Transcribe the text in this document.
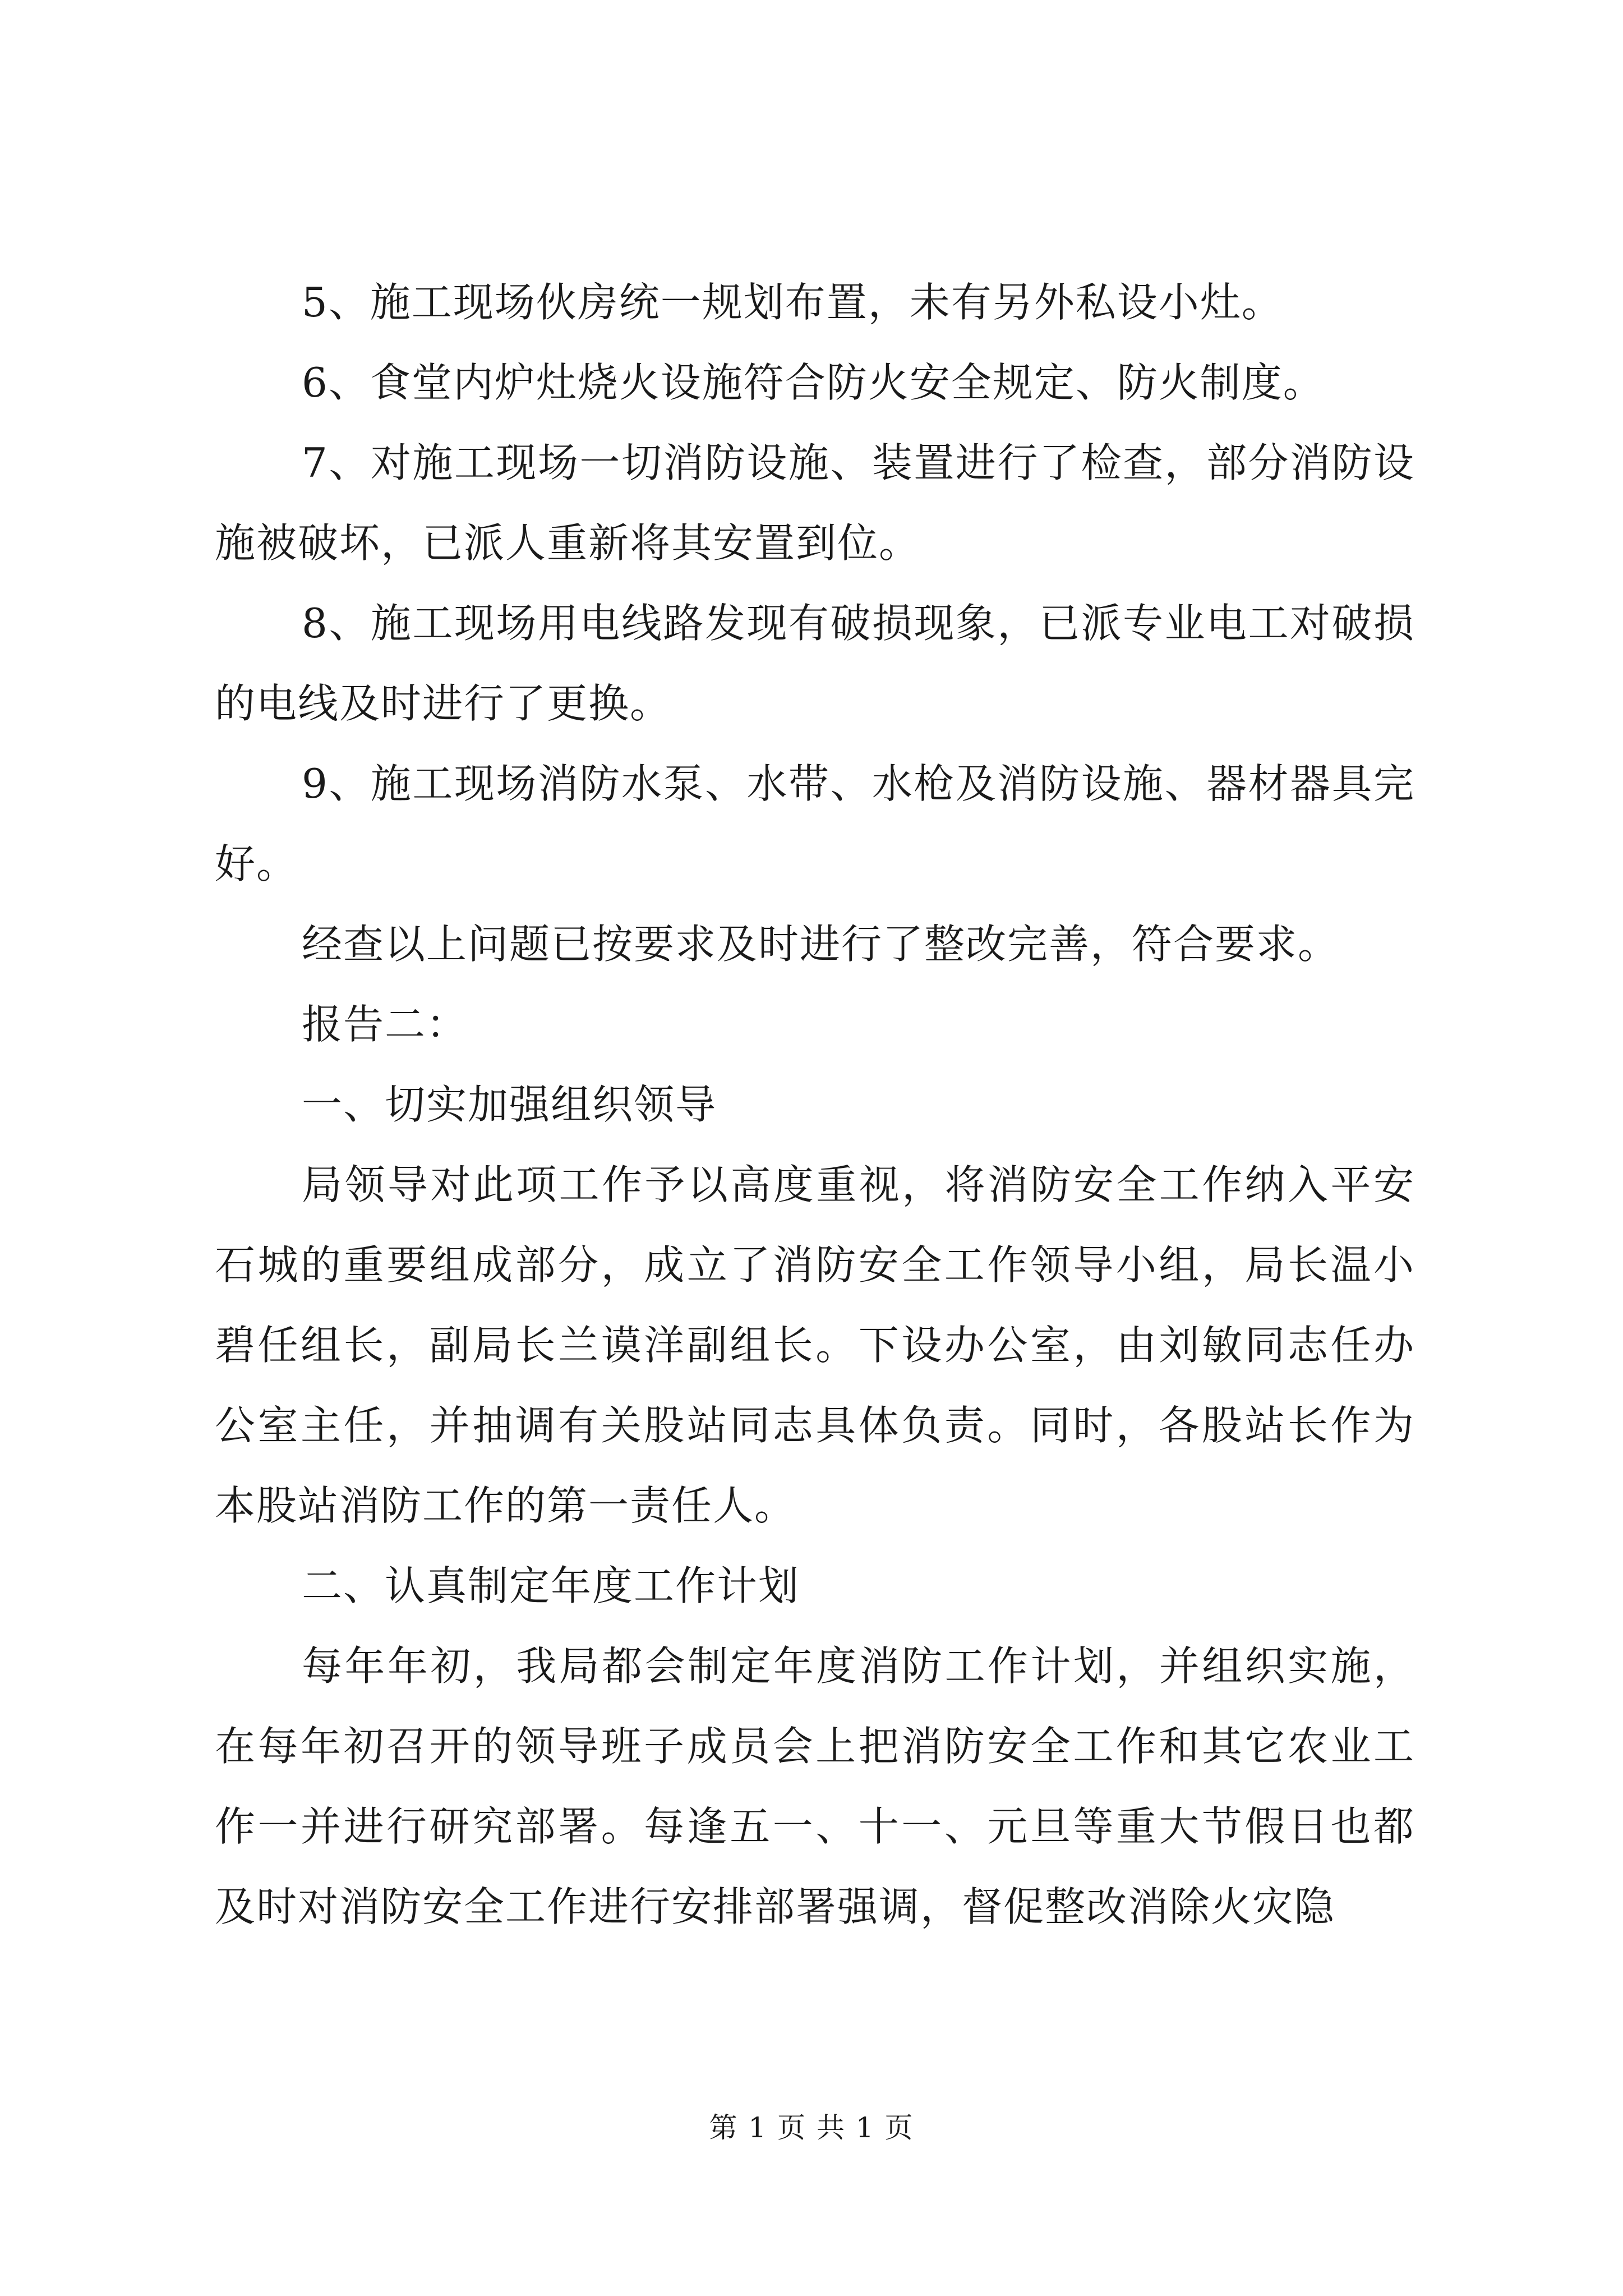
5、施工现场伙房统一规划布置，未有另外私设小灶。

6、食堂内炉灶烧火设施符合防火安全规定、防火制度。

7、对施工现场一切消防设施、装置进行了检查，部分消防设施被破坏，已派人重新将其安置到位。

8、施工现场用电线路发现有破损现象，已派专业电工对破损的电线及时进行了更换。

9、施工现场消防水泵、水带、水枪及消防设施、器材器具完好。

经查以上问题已按要求及时进行了整改完善，符合要求。

报告二：

一、切实加强组织领导

局领导对此项工作予以高度重视，将消防安全工作纳入平安石城的重要组成部分，成立了消防安全工作领导小组，局长温小碧任组长，副局长兰谟洋副组长。下设办公室，由刘敏同志任办公室主任，并抽调有关股站同志具体负责。同时，各股站长作为本股站消防工作的第一责任人。

二、认真制定年度工作计划

每年年初，我局都会制定年度消防工作计划，并组织实施，在每年初召开的领导班子成员会上把消防安全工作和其它农业工作一并进行研究部署。每逢五一、十一、元旦等重大节假日也都及时对消防安全工作进行安排部署强调，督促整改消除火灾隐

第 1 页 共 1 页
